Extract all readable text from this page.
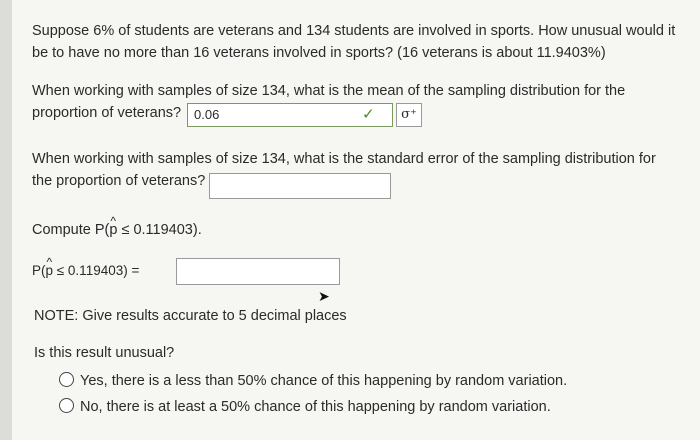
Suppose 6% of students are veterans and 134 students are involved in sports. How unusual would it
be to have no more than 16 veterans involved in sports? (16 veterans is about 11.9403%)
When working with samples of size 134, what is the mean of the sampling distribution for the
proportion of veterans? 0.06	✓	σ⁺
When working with samples of size 134, what is the standard error of the sampling distribution for
the proportion of veterans?
Compute P(^ p ≤ 0.119403).
P(^ p ≤ 0.119403) =
➤
NOTE: Give results accurate to 5 decimal places
Is this result unusual?
Yes, there is a less than 50% chance of this happening by random variation.
No, there is at least a 50% chance of this happening by random variation.
